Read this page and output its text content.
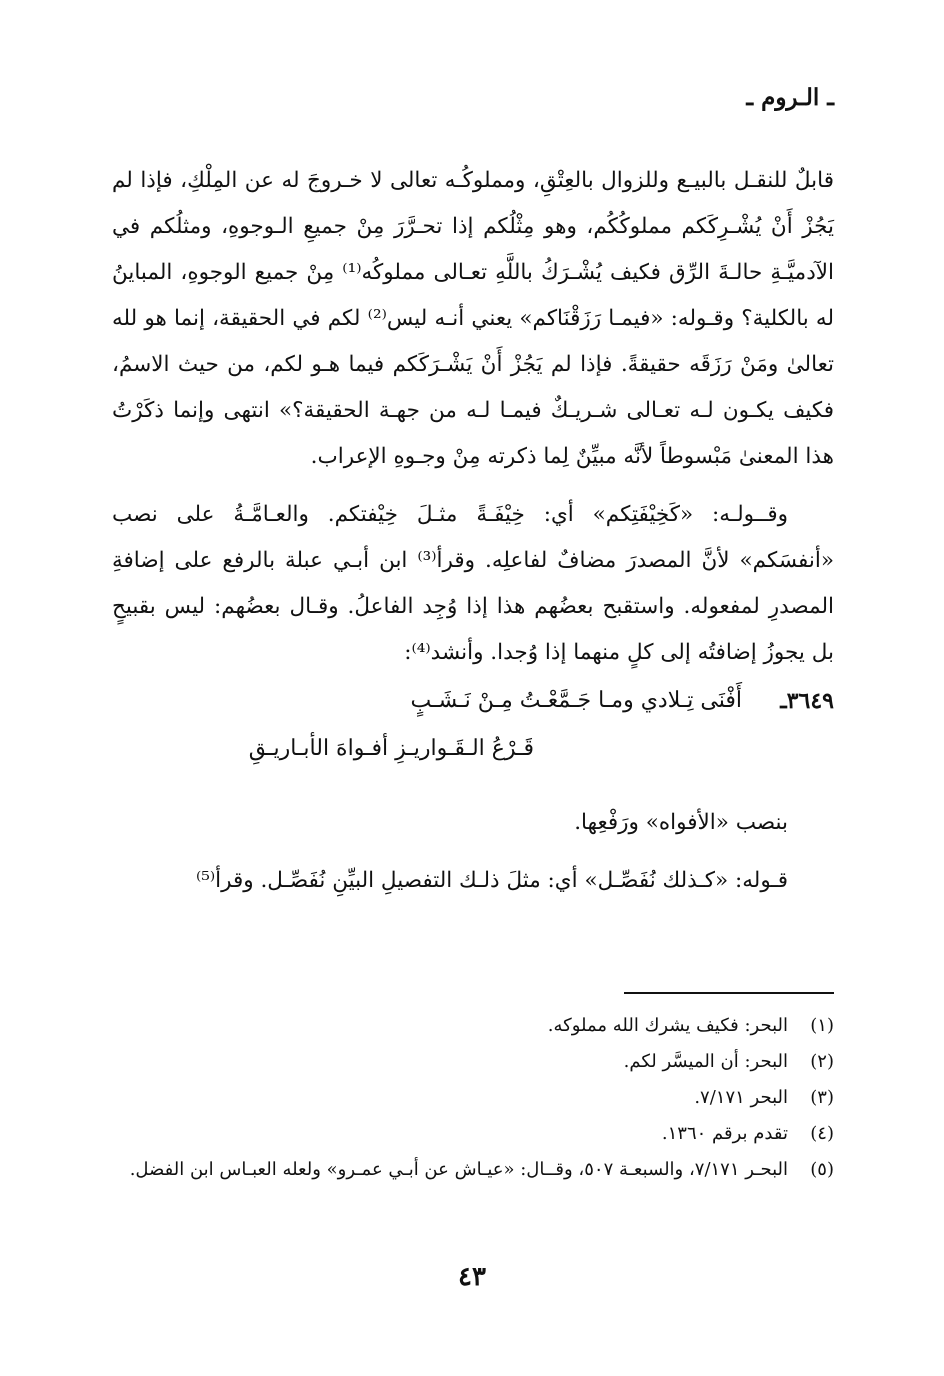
ـ الـروم ـ

قابلٌ للنقـل بالبيـع وللزوال بالعِتْقِ، ومملوكُـه تعالى لا خـروجَ له عن المِلْكِ، فإذا لم يَجُزْ أَنْ يُشْـرِكَكم مملوكُكُم، وهو مِثْلُكم إذا تحـرَّرَ مِنْ جميعِ الـوجوهِ، ومثلُكم في الآدميَّـةِ حالـةَ الرِّق فكيف يُشْـرَكُ باللَّهِ تعـالى مملوكُه⁽¹⁾ مِنْ جميع الوجوهِ، المباينُ له بالكلية؟ وقـوله: «فيمـا رَزَقْنَاكم» يعني أنـه ليس⁽²⁾ لكم في الحقيقة، إنما هو لله تعالىٰ ومَنْ رَزَقَه حقيقةً. فإذا لم يَجُزْ أَنْ يَشْـرَكَكم فيما هـو لكم، من حيث الاسمُ، فكيف يكـون لـه تعـالى شـريـكٌ فيمـا لـه من جهـة الحقيقة؟» انتهى وإنما ذكَرْتُ هذا المعنىٰ مَبْسوطاً لأنَّه مبيِّنٌ لِما ذكرته مِنْ وجـوهِ الإعراب.

وقــولـه: «كَخِيْفَتِكم» أي: خِيْفَـةً مثـلَ خِيْفتكم. والعـامَّـةُ على نصب «أنفسَكم» لأنَّ المصدرَ مضافٌ لفاعلِه. وقرأ⁽³⁾ ابن أبـي عبلة بالرفع على إضافةِ المصدرِ لمفعوله. واستقبح بعضُهم هذا إذا وُجِد الفاعلُ. وقـال بعضُهم: ليس بقبيحٍ بل يجوزُ إضافتُه إلى كلٍ منهما إذا وُجدا. وأنشد⁽⁴⁾:

٣٦٤٩ـ
أَفْنَى تِـلادي ومـا جَـمَّعْـتُ مِـنْ نَـشَـبٍ
قَـرْعُ الـقَـواريـزِ أفـواهَ الأبـاريـقِ

بنصب «الأفواه» ورَفْعِها.

قـوله: «كـذلك نُفَصِّـل» أي: مثلَ ذلـك التفصيلِ البيِّنِ نُفَصِّـل. وقرأ⁽⁵⁾

(١)
البحر: فكيف يشرك الله مملوكه.
(٢)
البحر: أن الميسَّر لكم.
(٣)
البحر ٧/١٧١.
(٤)
تقدم برقم ١٣٦٠.
(٥)
البحـر ٧/١٧١، والسبعـة ٥٠٧، وقــال: «عيـاش عن أبـي عمـرو» ولعله العبـاس ابن الفضل.
٤٣
